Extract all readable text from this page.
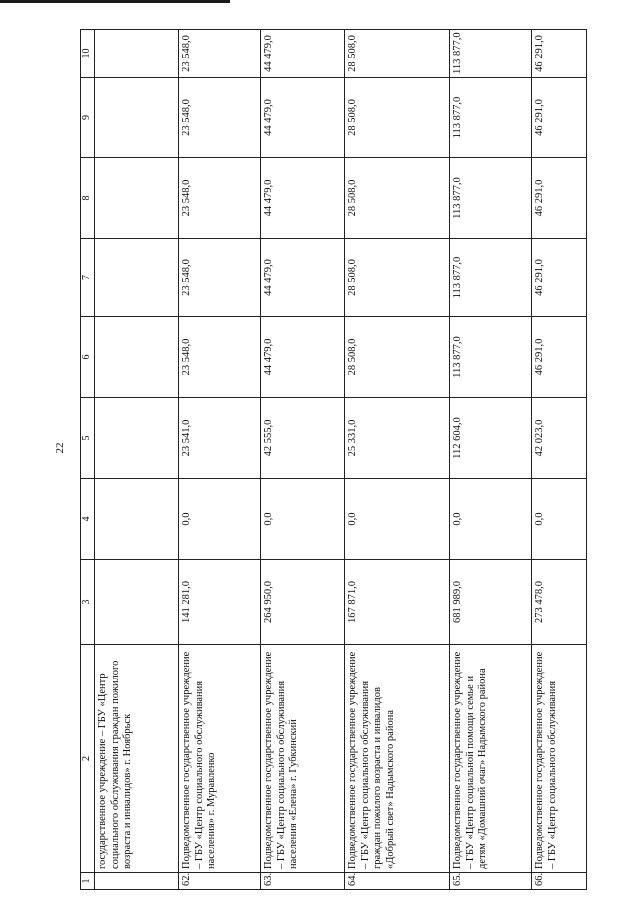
22
1	2	3	4	5	6	7	8	9	10
	государственное учреждение – ГБУ «Центр социального обслуживания граждан пожилого возраста и инвалидов» г. Ноябрьск								
62.	Подведомственное государственное учреждение – ГБУ «Центр социального обслуживания населения» г. Муравленко	141 281,0	0,0	23 541,0	23 548,0	23 548,0	23 548,0	23 548,0	23 548,0
63.	Подведомственное государственное учреждение – ГБУ «Центр социального обслуживания населения «Елена» г. Губкинский	264 950,0	0,0	42 555,0	44 479,0	44 479,0	44 479,0	44 479,0	44 479,0
64.	Подведомственное государственное учреждение – ГБУ «Центр социального обслуживания граждан пожилого возраста и инвалидов «Добрый свет» Надымского района	167 871,0	0,0	25 331,0	28 508,0	28 508,0	28 508,0	28 508,0	28 508,0
65.	Подведомственное государственное учреждение – ГБУ «Центр социальной помощи семье и детям «Домашний очаг» Надымского района	681 989,0	0,0	112 604,0	113 877,0	113 877,0	113 877,0	113 877,0	113 877,0
66.	Подведомственное государственное учреждение – ГБУ «Центр социального обслуживания	273 478,0	0,0	42 023,0	46 291,0	46 291,0	46 291,0	46 291,0	46 291,0
